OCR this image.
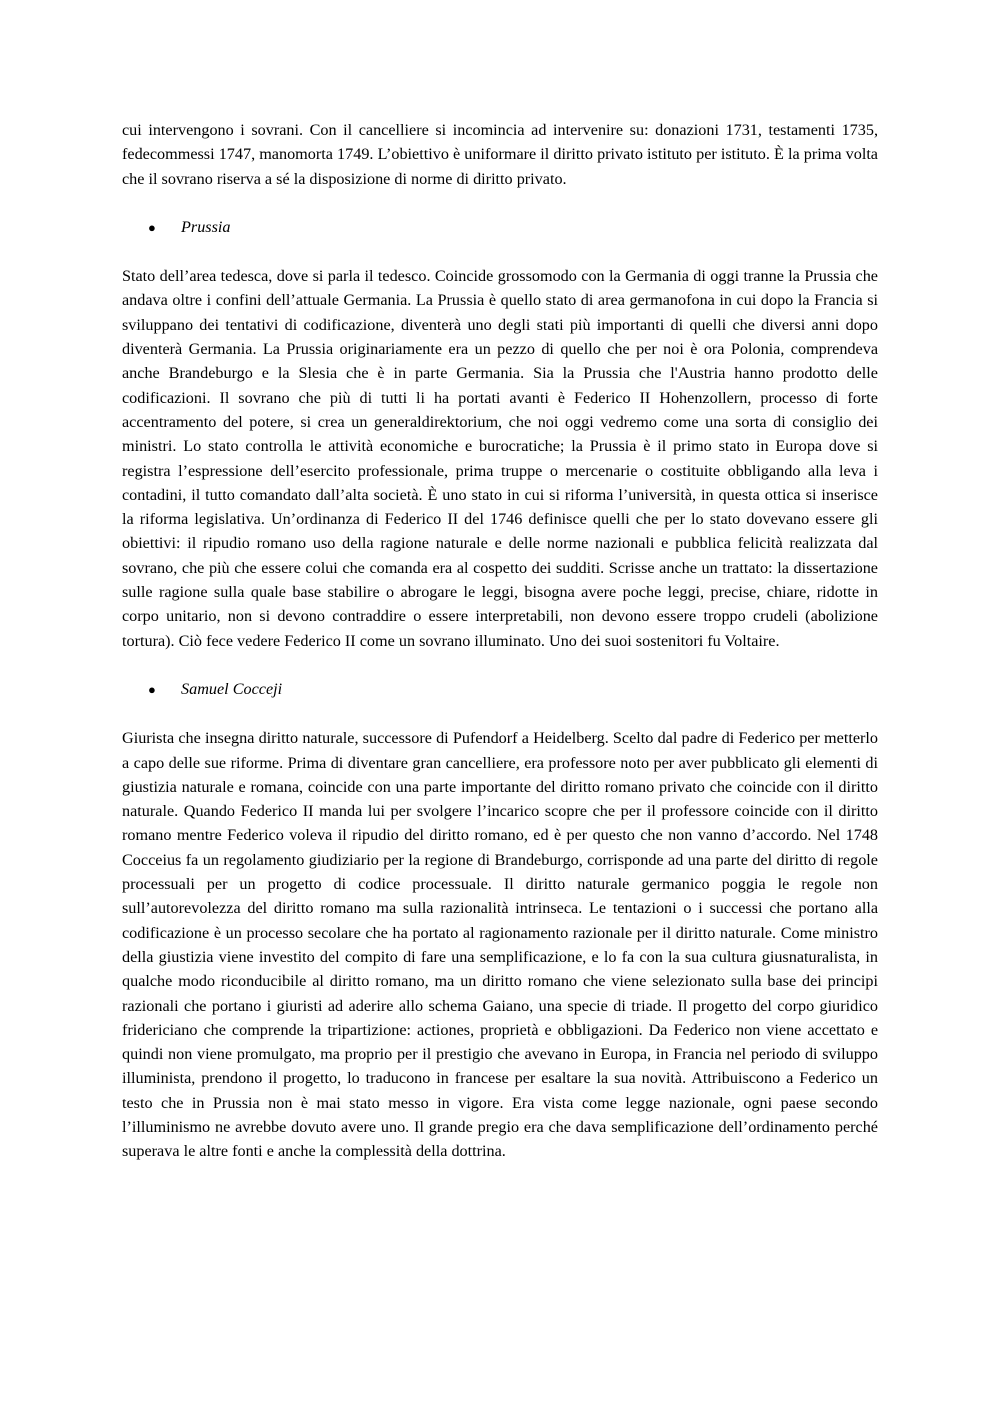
cui intervengono i sovrani. Con il cancelliere si incomincia ad intervenire su: donazioni 1731, testamenti 1735, fedecommessi 1747, manomorta 1749. L’obiettivo è uniformare il diritto privato istituto per istituto. È la prima volta che il sovrano riserva a sé la disposizione di norme di diritto privato.

●	Prussia

Stato dell’area tedesca, dove si parla il tedesco. Coincide grossomodo con la Germania di oggi tranne la Prussia che andava oltre i confini dell’attuale Germania. La Prussia è quello stato di area germanofona in cui dopo la Francia si sviluppano dei tentativi di codificazione, diventerà uno degli stati più importanti di quelli che diversi anni dopo diventerà Germania. La Prussia originariamente era un pezzo di quello che per noi è ora Polonia, comprendeva anche Brandeburgo e la Slesia che è in parte Germania. Sia la Prussia che l'Austria hanno prodotto delle codificazioni. Il sovrano che più di tutti li ha portati avanti è Federico II Hohenzollern, processo di forte accentramento del potere, si crea un generaldirektorium, che noi oggi vedremo come una sorta di consiglio dei ministri. Lo stato controlla le attività economiche e burocratiche; la Prussia è il primo stato in Europa dove si registra l’espressione dell’esercito professionale, prima truppe o mercenarie o costituite obbligando alla leva i contadini, il tutto comandato dall’alta società. È uno stato in cui si riforma l’università, in questa ottica si inserisce la riforma legislativa. Un’ordinanza di Federico II del 1746 definisce quelli che per lo stato dovevano essere gli obiettivi: il ripudio romano uso della ragione naturale e delle norme nazionali e pubblica felicità realizzata dal sovrano, che più che essere colui che comanda era al cospetto dei sudditi. Scrisse anche un trattato: la dissertazione sulle ragione sulla quale base stabilire o abrogare le leggi, bisogna avere poche leggi, precise, chiare, ridotte in corpo unitario, non si devono contraddire o essere interpretabili, non devono essere troppo crudeli (abolizione tortura). Ciò fece vedere Federico II come un sovrano illuminato. Uno dei suoi sostenitori fu Voltaire.

●	Samuel Cocceji

Giurista che insegna diritto naturale, successore di Pufendorf a Heidelberg. Scelto dal padre di Federico per metterlo a capo delle sue riforme. Prima di diventare gran cancelliere, era professore noto per aver pubblicato gli elementi di giustizia naturale e romana, coincide con una parte importante del diritto romano privato che coincide con il diritto naturale. Quando Federico II manda lui per svolgere l’incarico scopre che per il professore coincide con il diritto romano mentre Federico voleva il ripudio del diritto romano, ed è per questo che non vanno d’accordo. Nel 1748 Cocceius fa un regolamento giudiziario per la regione di Brandeburgo, corrisponde ad una parte del diritto di regole processuali per un progetto di codice processuale. Il diritto naturale germanico poggia le regole non sull’autorevolezza del diritto romano ma sulla razionalità intrinseca. Le tentazioni o i successi che portano alla codificazione è un processo secolare che ha portato al ragionamento razionale per il diritto naturale. Come ministro della giustizia viene investito del compito di fare una semplificazione, e lo fa con la sua cultura giusnaturalista, in qualche modo riconducibile al diritto romano, ma un diritto romano che viene selezionato sulla base dei principi razionali che portano i giuristi ad aderire allo schema Gaiano, una specie di triade. Il progetto del corpo giuridico fridericiano che comprende la tripartizione: actiones, proprietà e obbligazioni. Da Federico non viene accettato e quindi non viene promulgato, ma proprio per il prestigio che avevano in Europa, in Francia nel periodo di sviluppo illuminista, prendono il progetto, lo traducono in francese per esaltare la sua novità. Attribuiscono a Federico un testo che in Prussia non è mai stato messo in vigore. Era vista come legge nazionale, ogni paese secondo l’illuminismo ne avrebbe dovuto avere uno. Il grande pregio era che dava semplificazione dell’ordinamento perché superava le altre fonti e anche la complessità della dottrina.
